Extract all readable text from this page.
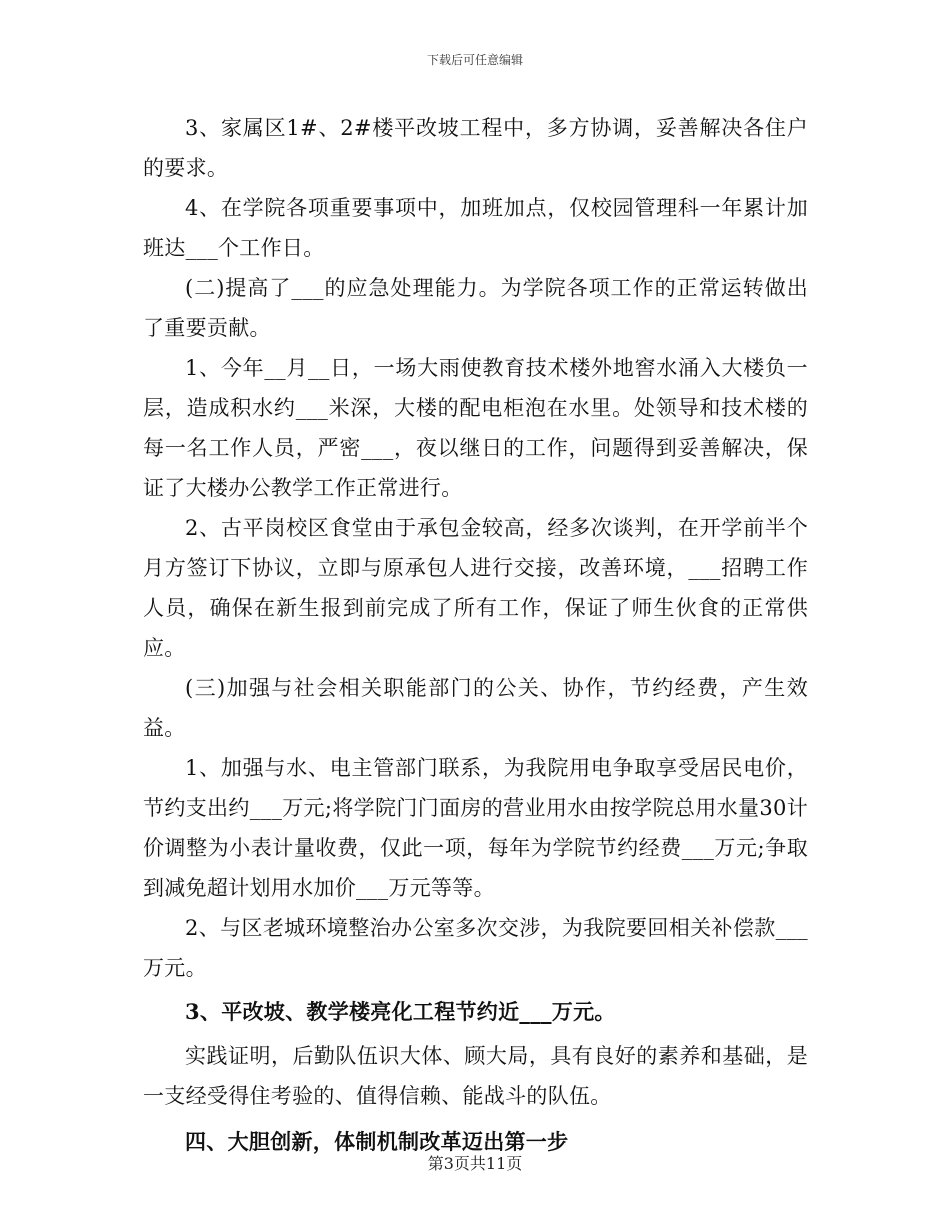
下载后可任意编辑

3、家属区1#、2#楼平改坡工程中，多方协调，妥善解决各住户的要求。

4、在学院各项重要事项中，加班加点，仅校园管理科一年累计加班达___个工作日。

(二)提高了___的应急处理能力。为学院各项工作的正常运转做出了重要贡献。

1、今年__月__日，一场大雨使教育技术楼外地窖水涌入大楼负一层，造成积水约___米深，大楼的配电柜泡在水里。处领导和技术楼的每一名工作人员，严密___，夜以继日的工作，问题得到妥善解决，保证了大楼办公教学工作正常进行。

2、古平岗校区食堂由于承包金较高，经多次谈判，在开学前半个月方签订下协议，立即与原承包人进行交接，改善环境，___招聘工作人员，确保在新生报到前完成了所有工作，保证了师生伙食的正常供应。

(三)加强与社会相关职能部门的公关、协作，节约经费，产生效益。

1、加强与水、电主管部门联系，为我院用电争取享受居民电价，节约支出约___万元;将学院门门面房的营业用水由按学院总用水量30计价调整为小表计量收费，仅此一项，每年为学院节约经费___万元;争取到减免超计划用水加价___万元等等。

2、与区老城环境整治办公室多次交涉，为我院要回相关补偿款___万元。

3、平改坡、教学楼亮化工程节约近___万元。

实践证明，后勤队伍识大体、顾大局，具有良好的素养和基础，是一支经受得住考验的、值得信赖、能战斗的队伍。

四、大胆创新，体制机制改革迈出第一步

第3页共11页
